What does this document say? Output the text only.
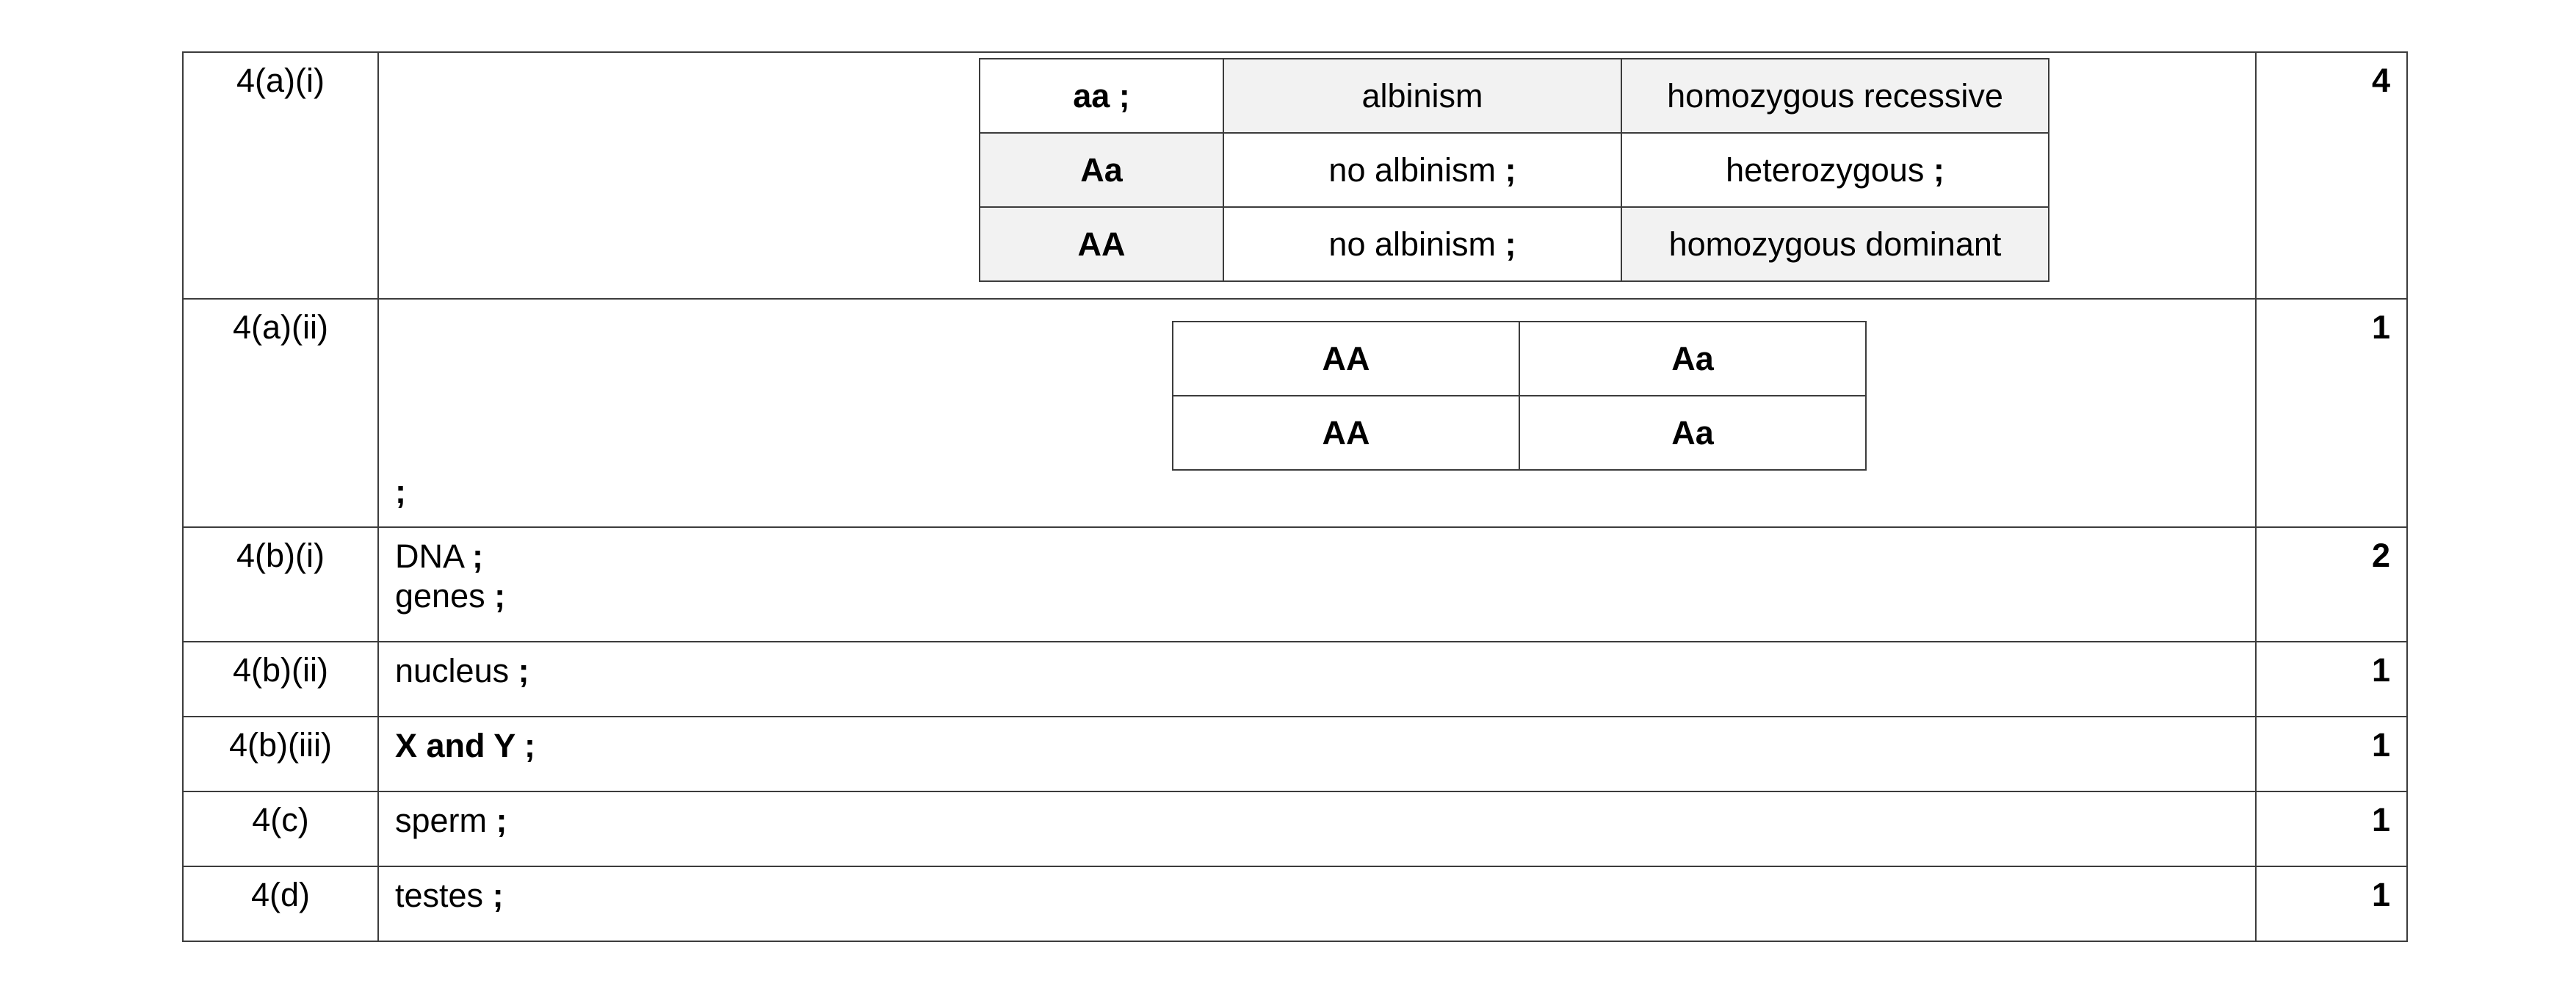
4(a)(i)		aa ;	albinism	homozygous recessive
Aa	no albinism ;	heterozygous ;
AA	no albinism ;	homozygous dominant
	4
4(a)(ii)	
AA	Aa
AA	Aa
;
	1
4(b)(i)	DNA ;
genes ;
	2
4(b)(ii)	nucleus ;	1
4(b)(iii)	X and Y ;	1
4(c)	sperm ;	1
4(d)	testes ;	1
